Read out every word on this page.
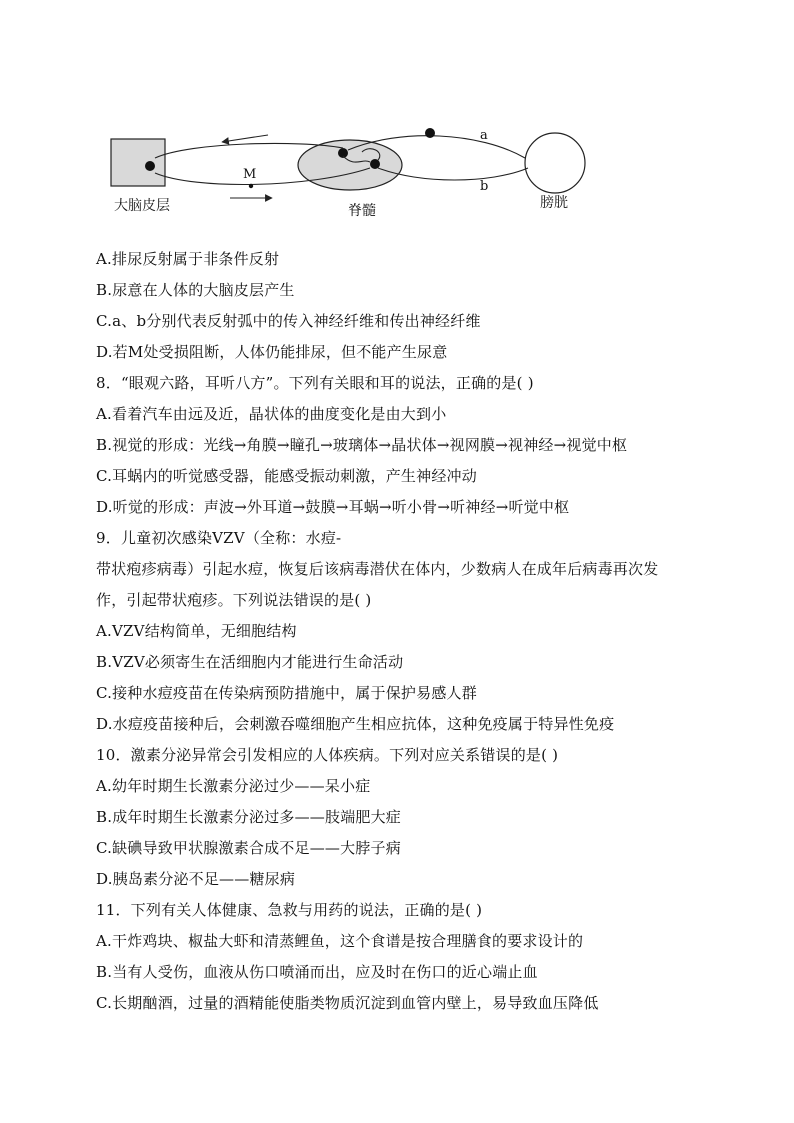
大脑皮层	脊髓	膀胱
a
b
M
A.排尿反射属于非条件反射
B.尿意在人体的大脑皮层产生
C.a、b分别代表反射弧中的传入神经纤维和传出神经纤维
D.若M处受损阻断，人体仍能排尿，但不能产生尿意
8．“眼观六路，耳听八方”。下列有关眼和耳的说法，正确的是( )
A.看着汽车由远及近，晶状体的曲度变化是由大到小
B.视觉的形成：光线→角膜→瞳孔→玻璃体→晶状体→视网膜→视神经→视觉中枢
C.耳蜗内的听觉感受器，能感受振动刺激，产生神经冲动
D.听觉的形成：声波→外耳道→鼓膜→耳蜗→听小骨→听神经→听觉中枢
9．儿童初次感染VZV（全称：水痘-
带状疱疹病毒）引起水痘，恢复后该病毒潜伏在体内，少数病人在成年后病毒再次发
作，引起带状疱疹。下列说法错误的是( )
A.VZV结构简单，无细胞结构
B.VZV必须寄生在活细胞内才能进行生命活动
C.接种水痘疫苗在传染病预防措施中，属于保护易感人群
D.水痘疫苗接种后，会刺激吞噬细胞产生相应抗体，这种免疫属于特异性免疫
10．激素分泌异常会引发相应的人体疾病。下列对应关系错误的是( )
A.幼年时期生长激素分泌过少——呆小症
B.成年时期生长激素分泌过多——肢端肥大症
C.缺碘导致甲状腺激素合成不足——大脖子病
D.胰岛素分泌不足——糖尿病
11．下列有关人体健康、急救与用药的说法，正确的是( )
A.干炸鸡块、椒盐大虾和清蒸鲤鱼，这个食谱是按合理膳食的要求设计的
B.当有人受伤，血液从伤口喷涌而出，应及时在伤口的近心端止血
C.长期酗酒，过量的酒精能使脂类物质沉淀到血管内壁上，易导致血压降低
